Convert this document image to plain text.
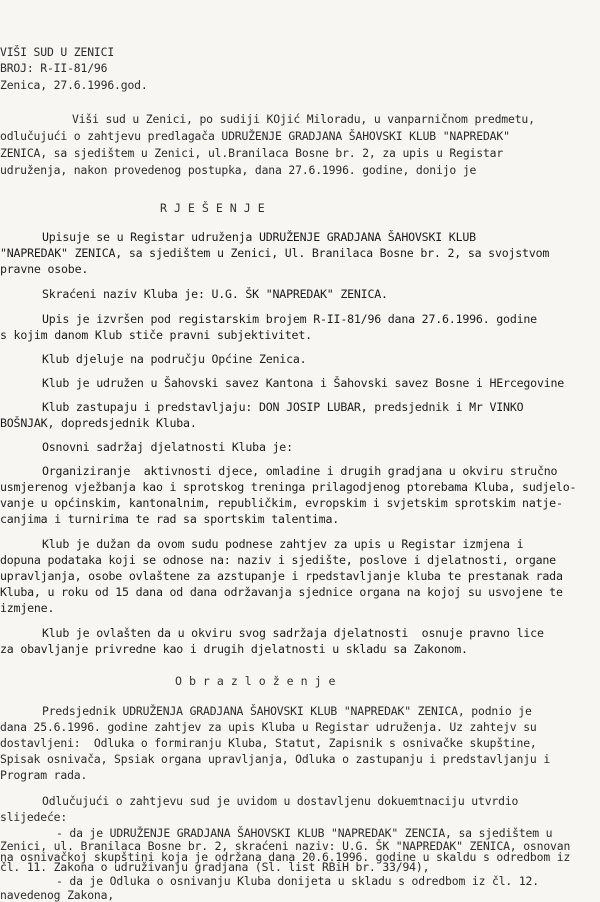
VIŠI SUD U ZENICI
BROJ: R-II-81/96
Zenica, 27.6.1996.god.
Viši sud u Zenici, po sudiji KOjić Miloradu, u vanparničnom predmetu,
odlučujući o zahtjevu predlagača UDRUŽENJE GRADJANA ŠAHOVSKI KLUB "NAPREDAK"
ZENICA, sa sjedištem u Zenici, ul.Branilaca Bosne br. 2, za upis u Registar
udruženja, nakon provedenog postupka, dana 27.6.1996. godine, donijo je
R J E Š E N J E
Upisuje se u Registar udruženja UDRUŽENJE GRADJANA ŠAHOVSKI KLUB
"NAPREDAK" ZENICA, sa sjedištem u Zenici, Ul. Branilaca Bosne br. 2, sa svojstvom
pravne osobe.
Skraćeni naziv Kluba je: U.G. ŠK "NAPREDAK" ZENICA.
Upis je izvršen pod registarskim brojem R-II-81/96 dana 27.6.1996. godine
s kojim danom Klub stiče pravni subjektivitet.
Klub djeluje na području Općine Zenica.
Klub je udružen u Šahovski savez Kantona i Šahovski savez Bosne i HErcegovine
Klub zastupaju i predstavljaju: DON JOSIP LUBAR, predsjednik i Mr VINKO
BOŠNJAK, dopredsjednik Kluba.
Osnovni sadržaj djelatnosti Kluba je:
Organiziranje  aktivnosti djece, omladine i drugih gradjana u okviru stručno
usmjerenog vježbanja kao i sprotskog treninga prilagodjenog ptorebama Kluba, sudjelo-
vanje u općinskim, kantonalnim, republičkim, evropskim i svjetskim sprotskim natje-
canjima i turnirima te rad sa sportskim talentima.
Klub je dužan da ovom sudu podnese zahtjev za upis u Registar izmjena i
dopuna podataka koji se odnose na: naziv i sjedište, poslove i djelatnosti, organe
upravljanja, osobe ovlaštene za azstupanje i rpedstavljanje kluba te prestanak rada
Kluba, u roku od 15 dana od dana održavanja sjednice organa na kojoj su usvojene te
izmjene.
Klub je ovlašten da u okviru svog sadržaja djelatnosti  osnuje pravno lice
za obavljanje privredne kao i drugih djelatnosti u skladu sa Zakonom.
O b r a z l o ž e n j e
Predsjednik UDRUŽENJA GRADJANA ŠAHOVSKI KLUB "NAPREDAK" ZENICA, podnio je
dana 25.6.1996. godine zahtjev za upis Kluba u Registar udruženja. Uz zahtejv su
dostavljeni:  Odluka o formiranju Kluba, Statut, Zapisnik s osnivačke skupštine,
Spisak osnivača, Spsiak organa upravljanja, Odluka o zastupanju i predstavljanju i
Program rada.
Odlučujući o zahtjevu sud je uvidom u dostavljenu dokuemtnaciju utvrdio
slijedeće:
- da je UDRUŽENJE GRADJANA ŠAHOVSKI KLUB "NAPREDAK" ZENCIA, sa sjedištem u
Zenici, ul. Branilaca Bosne br. 2, skraćeni naziv: U.G. ŠK "NAPREDAK" ZENICA, osnovan
na osnivačkoj skupštini koja je održana dana 20.6.1996. godine u skaldu s odredbom iz
čl. 11. Zakona o udruživanju gradjana (Sl. list RBiH br. 33/94),
- da je Odluka o osnivanju Kluba donijeta u skladu s odredbom iz čl. 12.
navedenog Zakona,
